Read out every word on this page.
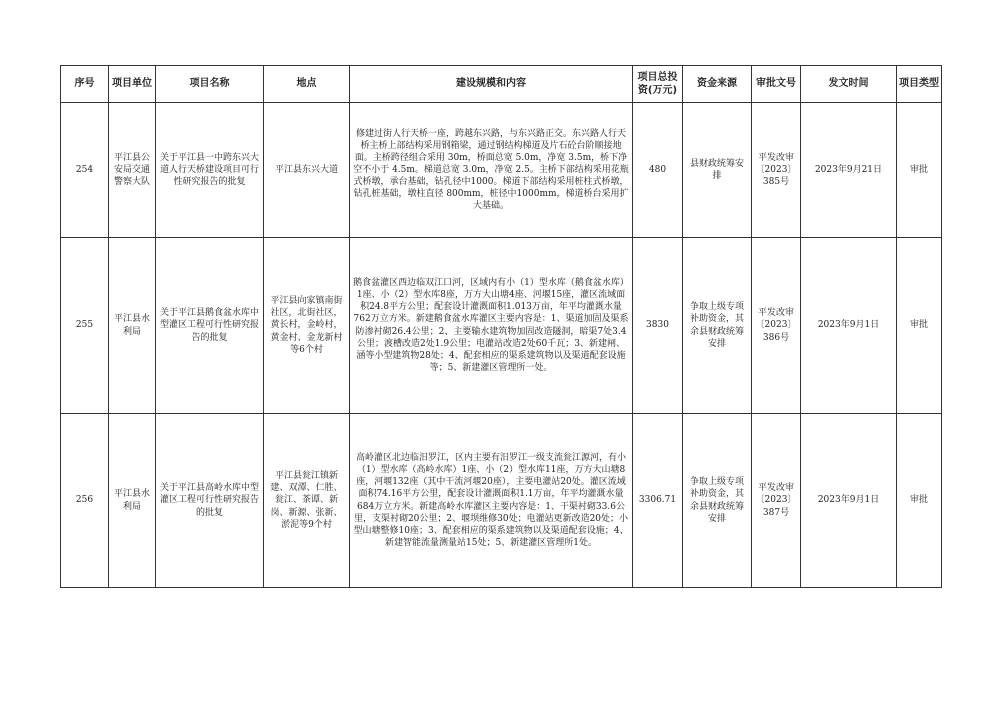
序号	项目单位	项目名称	地点	建设规模和内容	项目总投资(万元)	资金来源	审批文号	发文时间	项目类型
254	平江县公安局交通警察大队	关于平江县一中跨东兴大道人行天桥建设项目可行性研究报告的批复	平江县东兴大道	修建过街人行天桥一座，跨越东兴路，与东兴路正交。东兴路人行天桥主桥上部结构采用钢箱梁，通过钢结构梯道及片石砼台阶顺接地面。主桥跨径组合采用 30m，桥面总宽 5.0m，净宽 3.5m，桥下净空不小于 4.5m。梯道总宽 3.0m，净宽 2.5。主桥下部结构采用花瓶式桥墩，承台基础，钻孔径中1000。梯道下部结构采用桩柱式桥墩，钻孔桩基础，墩柱直径 800mm，桩径中1000mm，梯道桥台采用扩大基础。	480	县财政统筹安排	平发改审〔2023〕385号	2023年9月21日	审批
255	平江县水利局	关于平江县鹅食盆水库中型灌区工程可行性研究报告的批复	平江县向家镇南街社区，北街社区，黄长村，金岭村，黄金村、金龙新村等6个村	鹅食盆灌区西边临双江口河，区域内有小（1）型水库（鹅食盆水库）1座、小（2）型水库8座，万方大山塘4座、河堰15座，灌区流域面积24.8平方公里；配套设计灌溉面积1.013万亩，年平均灌溉水量762万立方米。新建鹅食盆水库灌区主要内容是：1、渠道加固及渠系防渗衬砌26.4公里；2、主要输水建筑物加固改造隧洞，暗渠7处3.4公里；渡槽改造2处1.9公里；电灌站改造2处60千瓦；3、新建闸、涵等小型建筑物28处；4、配套相应的渠系建筑物以及渠道配套设施等；5、新建灌区管理所一处。	3830	争取上级专项补助资金，其余县财政统筹安排	平发改审〔2023〕386号	2023年9月1日	审批
256	平江县水利局	关于平江县高岭水库中型灌区工程可行性研究报告的批复	平江县瓮江镇新建、双潭、仁胜、瓮江、茶谭、新岗、新源、张新、淤泥等9个村	高岭灌区北边临汨罗江，区内主要有汨罗江一级支流瓮江源河，有小（1）型水库（高岭水库）1座、小（2）型水库11座，万方大山塘8座，河堰132座（其中干流河堰20座），主要电灌站20处。灌区流域面积74.16平方公里，配套设计灌溉面积1.1万亩，年平均灌溉水量684万立方米。新建高岭水库灌区主要内容是：1、干渠衬砌33.6公里，支渠衬砌20公里；2、堰坝维修30处；电灌站更新改造20处；小型山塘整修10座；3、配套相应的渠系建筑物以及渠道配套设施；4、新建智能流量测量站15处；5、新建灌区管理所1处。	3306.71	争取上级专项补助资金，其余县财政统筹安排	平发改审〔2023〕387号	2023年9月1日	审批
